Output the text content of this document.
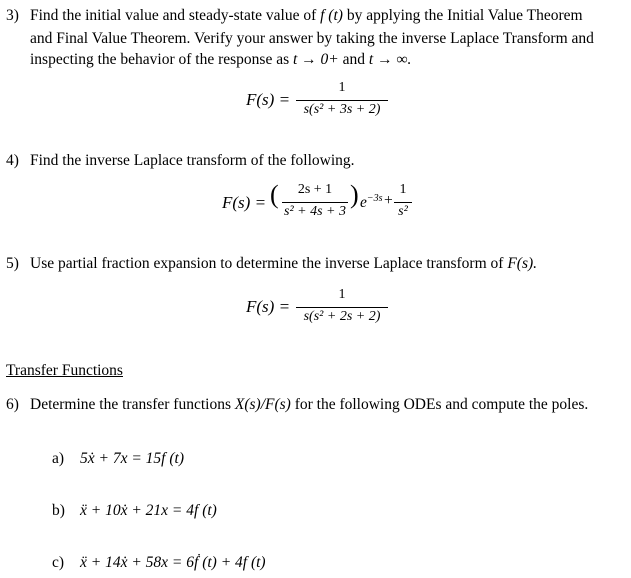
3) Find the initial value and steady-state value of f (t) by applying the Initial Value Theorem
and Final Value Theorem. Verify your answer by taking the inverse Laplace Transform and
inspecting the behavior of the response as t → 0+ and t → ∞.
F(s) =
1
s(s² + 3s + 2)
4) Find the inverse Laplace transform of the following.
F(s) = (	2s + 1
s² + 4s + 3
) $e^{-3s}$ +
1
s²
5) Use partial fraction expansion to determine the inverse Laplace transform of F(s).
F(s) =
1
s(s² + 2s + 2)
Transfer Functions
6) Determine the transfer functions X(s)/F(s) for the following ODEs and compute the poles.
a) 5ẋ + 7x = 15f (t)
b) ẍ + 10ẋ + 21x = 4f (t)
c) ẍ + 14ẋ + 58x = 6ḟ (t) + 4f (t)
